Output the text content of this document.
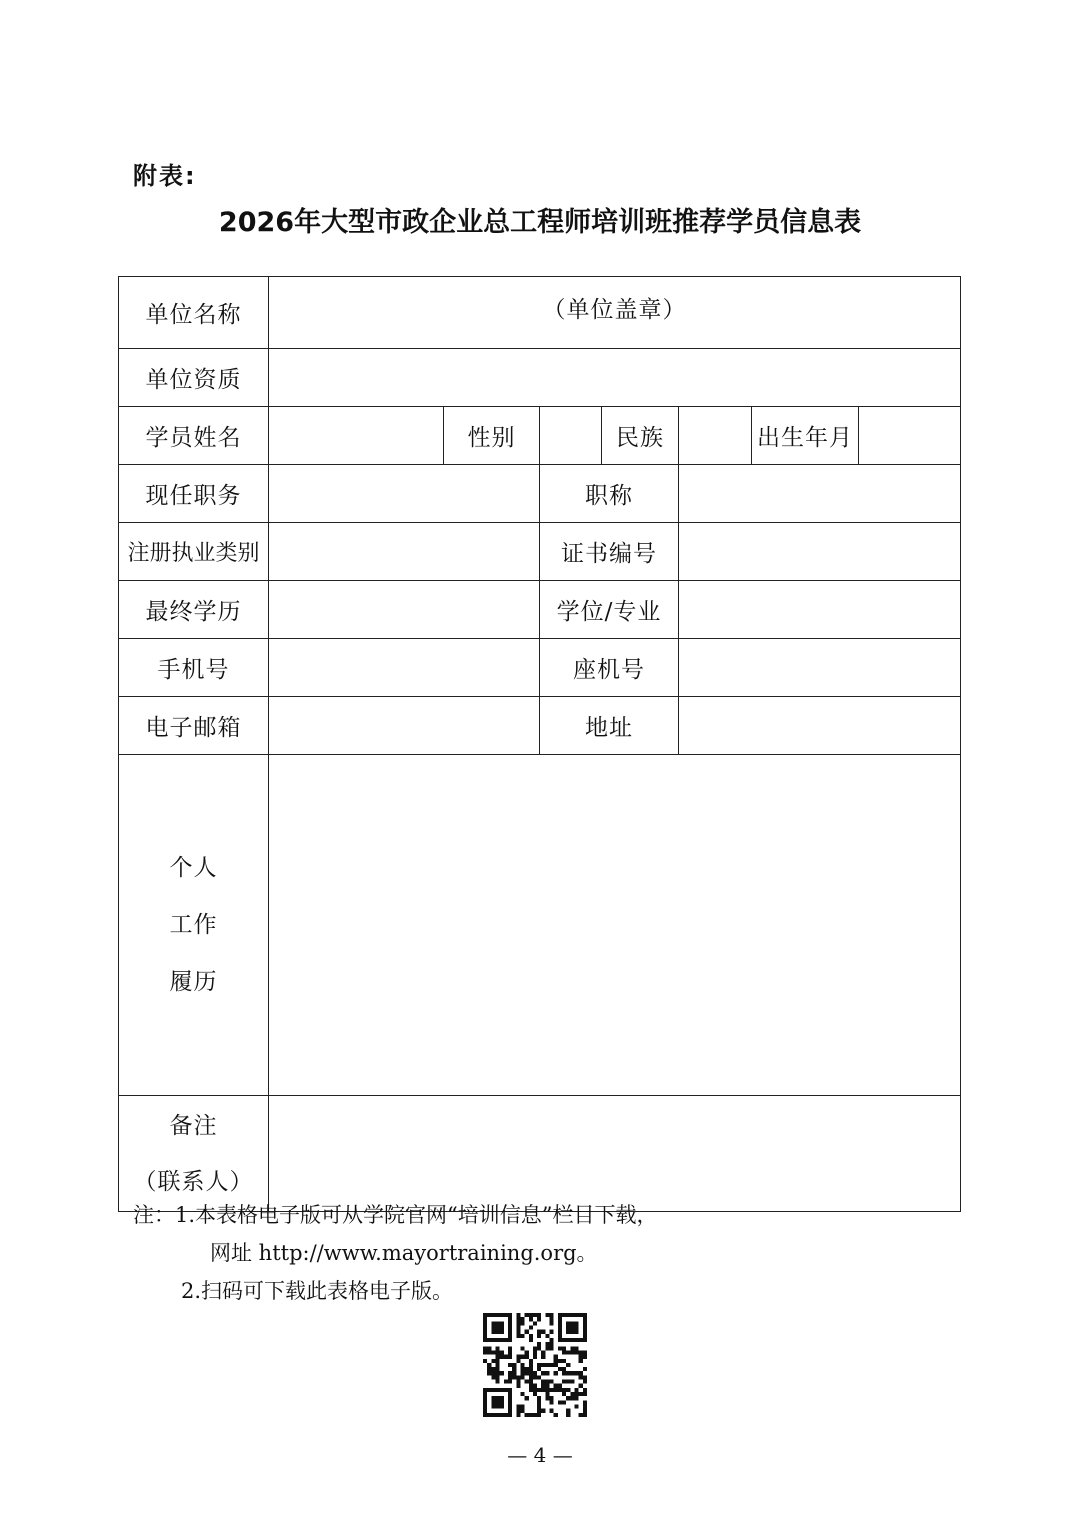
附表:
2026年大型市政企业总工程师培训班推荐学员信息表
单位名称	（单位盖章）						
单位资质							
学员姓名		性别		民族		出生年月	
现任职务			职称				
注册执业类别			证书编号				
最终学历			学位/专业				
手机号			座机号				
电子邮箱			地址				

个人
工作
履历							

备注
（联系人）							

注：1.本表格电子版可从学院官网“培训信息”栏目下载，
网址 http://www.mayortraining.org。
2.扫码可下载此表格电子版。
— 4 —
